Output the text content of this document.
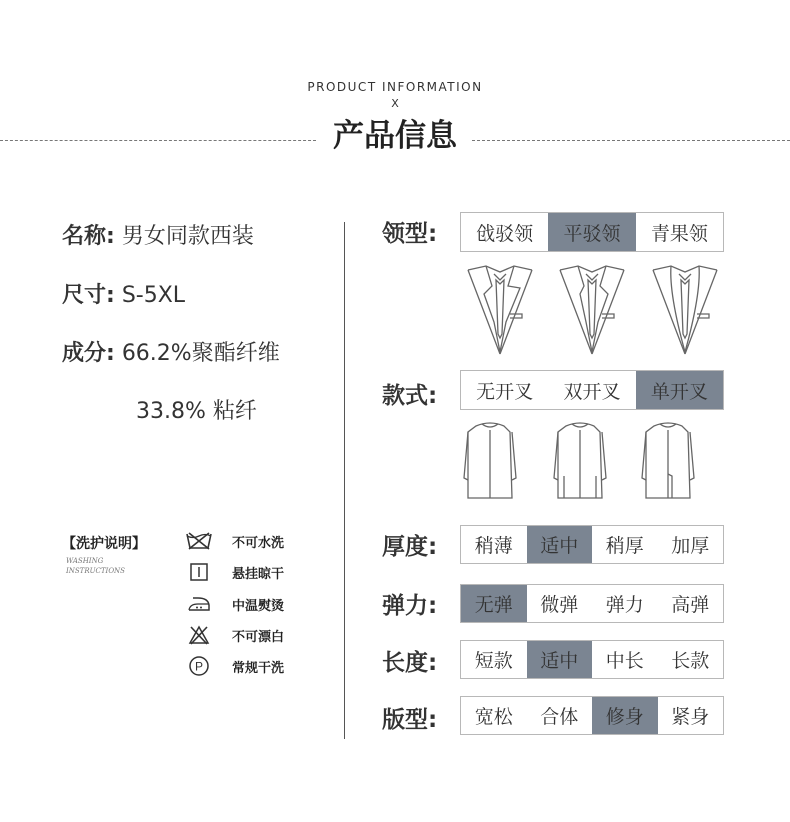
PRODUCT INFORMATION
X
产品信息
名称: 男女同款西装
尺寸: S-5XL
成分: 66.2%聚酯纤维
33.8% 粘纤
【洗护说明】
WASHING
INSTRUCTIONS
不可水洗
悬挂晾干
中温熨烫
不可漂白
P 常规干洗
领型:	戗驳领	平驳领	青果领
款式:	无开叉	双开叉	单开叉
厚度:	稍薄	适中	稍厚	加厚
弹力:	无弹	微弹	弹力	高弹
长度:	短款	适中	中长	长款
版型:	宽松	合体	修身	紧身
